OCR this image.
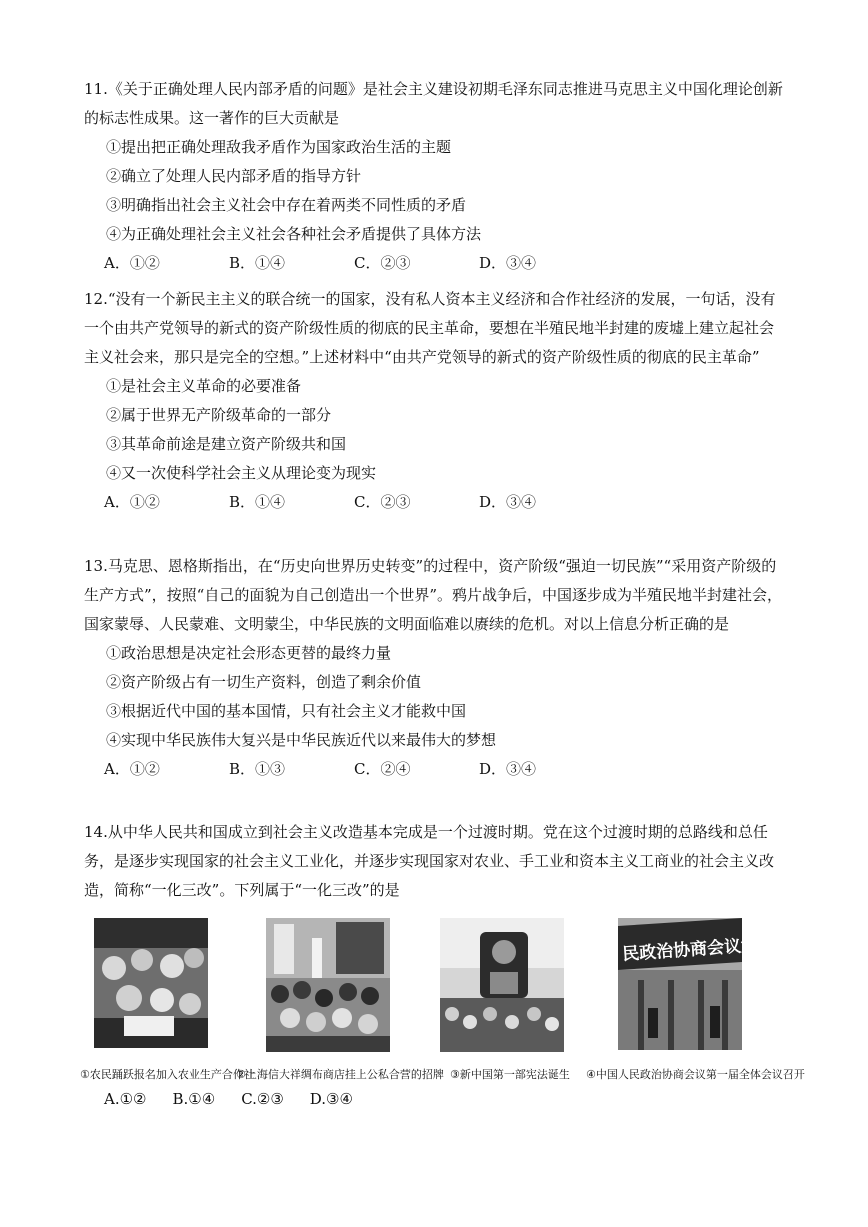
11.《关于正确处理人民内部矛盾的问题》是社会主义建设初期毛泽东同志推进马克思主义中国化理论创新的标志性成果。这一著作的巨大贡献是
①提出把正确处理敌我矛盾作为国家政治生活的主题
②确立了处理人民内部矛盾的指导方针
③明确指出社会主义社会中存在着两类不同性质的矛盾
④为正确处理社会主义社会各种社会矛盾提供了具体方法
A．①②	B．①④	C．②③	D．③④
12.“没有一个新民主主义的联合统一的国家，没有私人资本主义经济和合作社经济的发展，一句话，没有一个由共产党领导的新式的资产阶级性质的彻底的民主革命，要想在半殖民地半封建的废墟上建立起社会主义社会来，那只是完全的空想。”上述材料中“由共产党领导的新式的资产阶级性质的彻底的民主革命”
①是社会主义革命的必要准备
②属于世界无产阶级革命的一部分
③其革命前途是建立资产阶级共和国
④又一次使科学社会主义从理论变为现实
A．①②	B．①④	C．②③	D．③④
13.马克思、恩格斯指出，在“历史向世界历史转变”的过程中，资产阶级“强迫一切民族”“采用资产阶级的生产方式”，按照“自己的面貌为自己创造出一个世界”。鸦片战争后，中国逐步成为半殖民地半封建社会，国家蒙辱、人民蒙难、文明蒙尘，中华民族的文明面临难以赓续的危机。对以上信息分析正确的是
①政治思想是决定社会形态更替的最终力量
②资产阶级占有一切生产资料，创造了剩余价值
③根据近代中国的基本国情，只有社会主义才能救中国
④实现中华民族伟大复兴是中华民族近代以来最伟大的梦想
A．①②	B．①③	C．②④	D．③④
14.从中华人民共和国成立到社会主义改造基本完成是一个过渡时期。党在这个过渡时期的总路线和总任务，是逐步实现国家的社会主义工业化，并逐步实现国家对农业、手工业和资本主义工商业的社会主义改造，简称“一化三改”。下列属于“一化三改”的是
①农民踊跃报名加入农业生产合作社
②上海信大祥绸布商店挂上公私合营的招牌 ③新中国第一部宪法诞生
民政治协商会议第一
④中国人民政治协商会议第一届全体会议召开
A.①② B.①④ C.②③ D.③④
